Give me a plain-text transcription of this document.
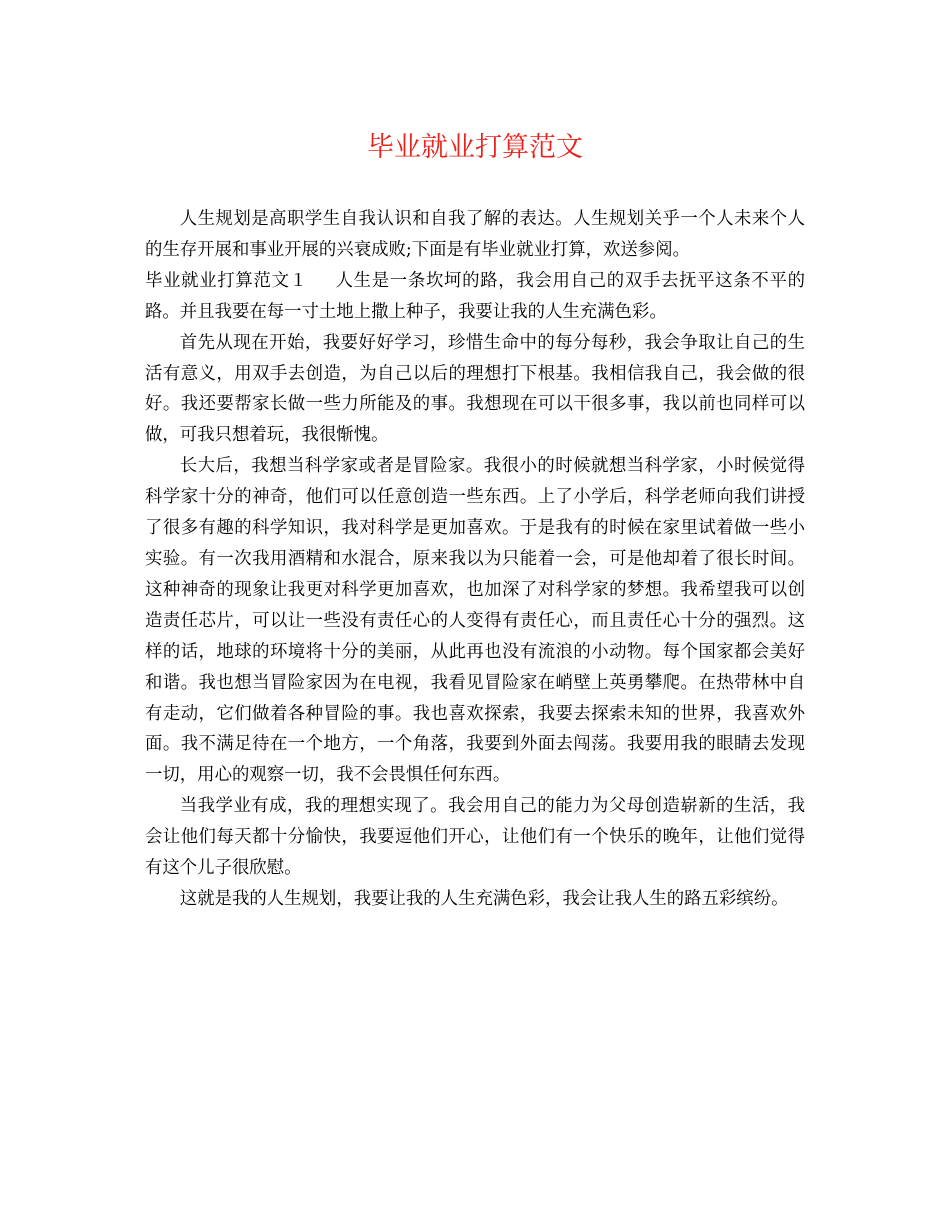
毕业就业打算范文

人生规划是高职学生自我认识和自我了解的表达。人生规划关乎一个人未来个人的生存开展和事业开展的兴衰成败;下面是有毕业就业打算，欢送参阅。

毕业就业打算范文１ 人生是一条坎坷的路，我会用自己的双手去抚平这条不平的路。并且我要在每一寸土地上撒上种子，我要让我的人生充满色彩。

首先从现在开始，我要好好学习，珍惜生命中的每分每秒，我会争取让自己的生活有意义，用双手去创造，为自己以后的理想打下根基。我相信我自己，我会做的很好。我还要帮家长做一些力所能及的事。我想现在可以干很多事，我以前也同样可以做，可我只想着玩，我很惭愧。

长大后，我想当科学家或者是冒险家。我很小的时候就想当科学家，小时候觉得科学家十分的神奇，他们可以任意创造一些东西。上了小学后，科学老师向我们讲授了很多有趣的科学知识，我对科学是更加喜欢。于是我有的时候在家里试着做一些小实验。有一次我用酒精和水混合，原来我以为只能着一会，可是他却着了很长时间。这种神奇的现象让我更对科学更加喜欢，也加深了对科学家的梦想。我希望我可以创造责任芯片，可以让一些没有责任心的人变得有责任心，而且责任心十分的强烈。这样的话，地球的环境将十分的美丽，从此再也没有流浪的小动物。每个国家都会美好和谐。我也想当冒险家因为在电视，我看见冒险家在峭壁上英勇攀爬。在热带林中自有走动，它们做着各种冒险的事。我也喜欢探索，我要去探索未知的世界，我喜欢外面。我不满足待在一个地方，一个角落，我要到外面去闯荡。我要用我的眼睛去发现一切，用心的观察一切，我不会畏惧任何东西。

当我学业有成，我的理想实现了。我会用自己的能力为父母创造崭新的生活，我会让他们每天都十分愉快，我要逗他们开心，让他们有一个快乐的晚年，让他们觉得有这个儿子很欣慰。

这就是我的人生规划，我要让我的人生充满色彩，我会让我人生的路五彩缤纷。
